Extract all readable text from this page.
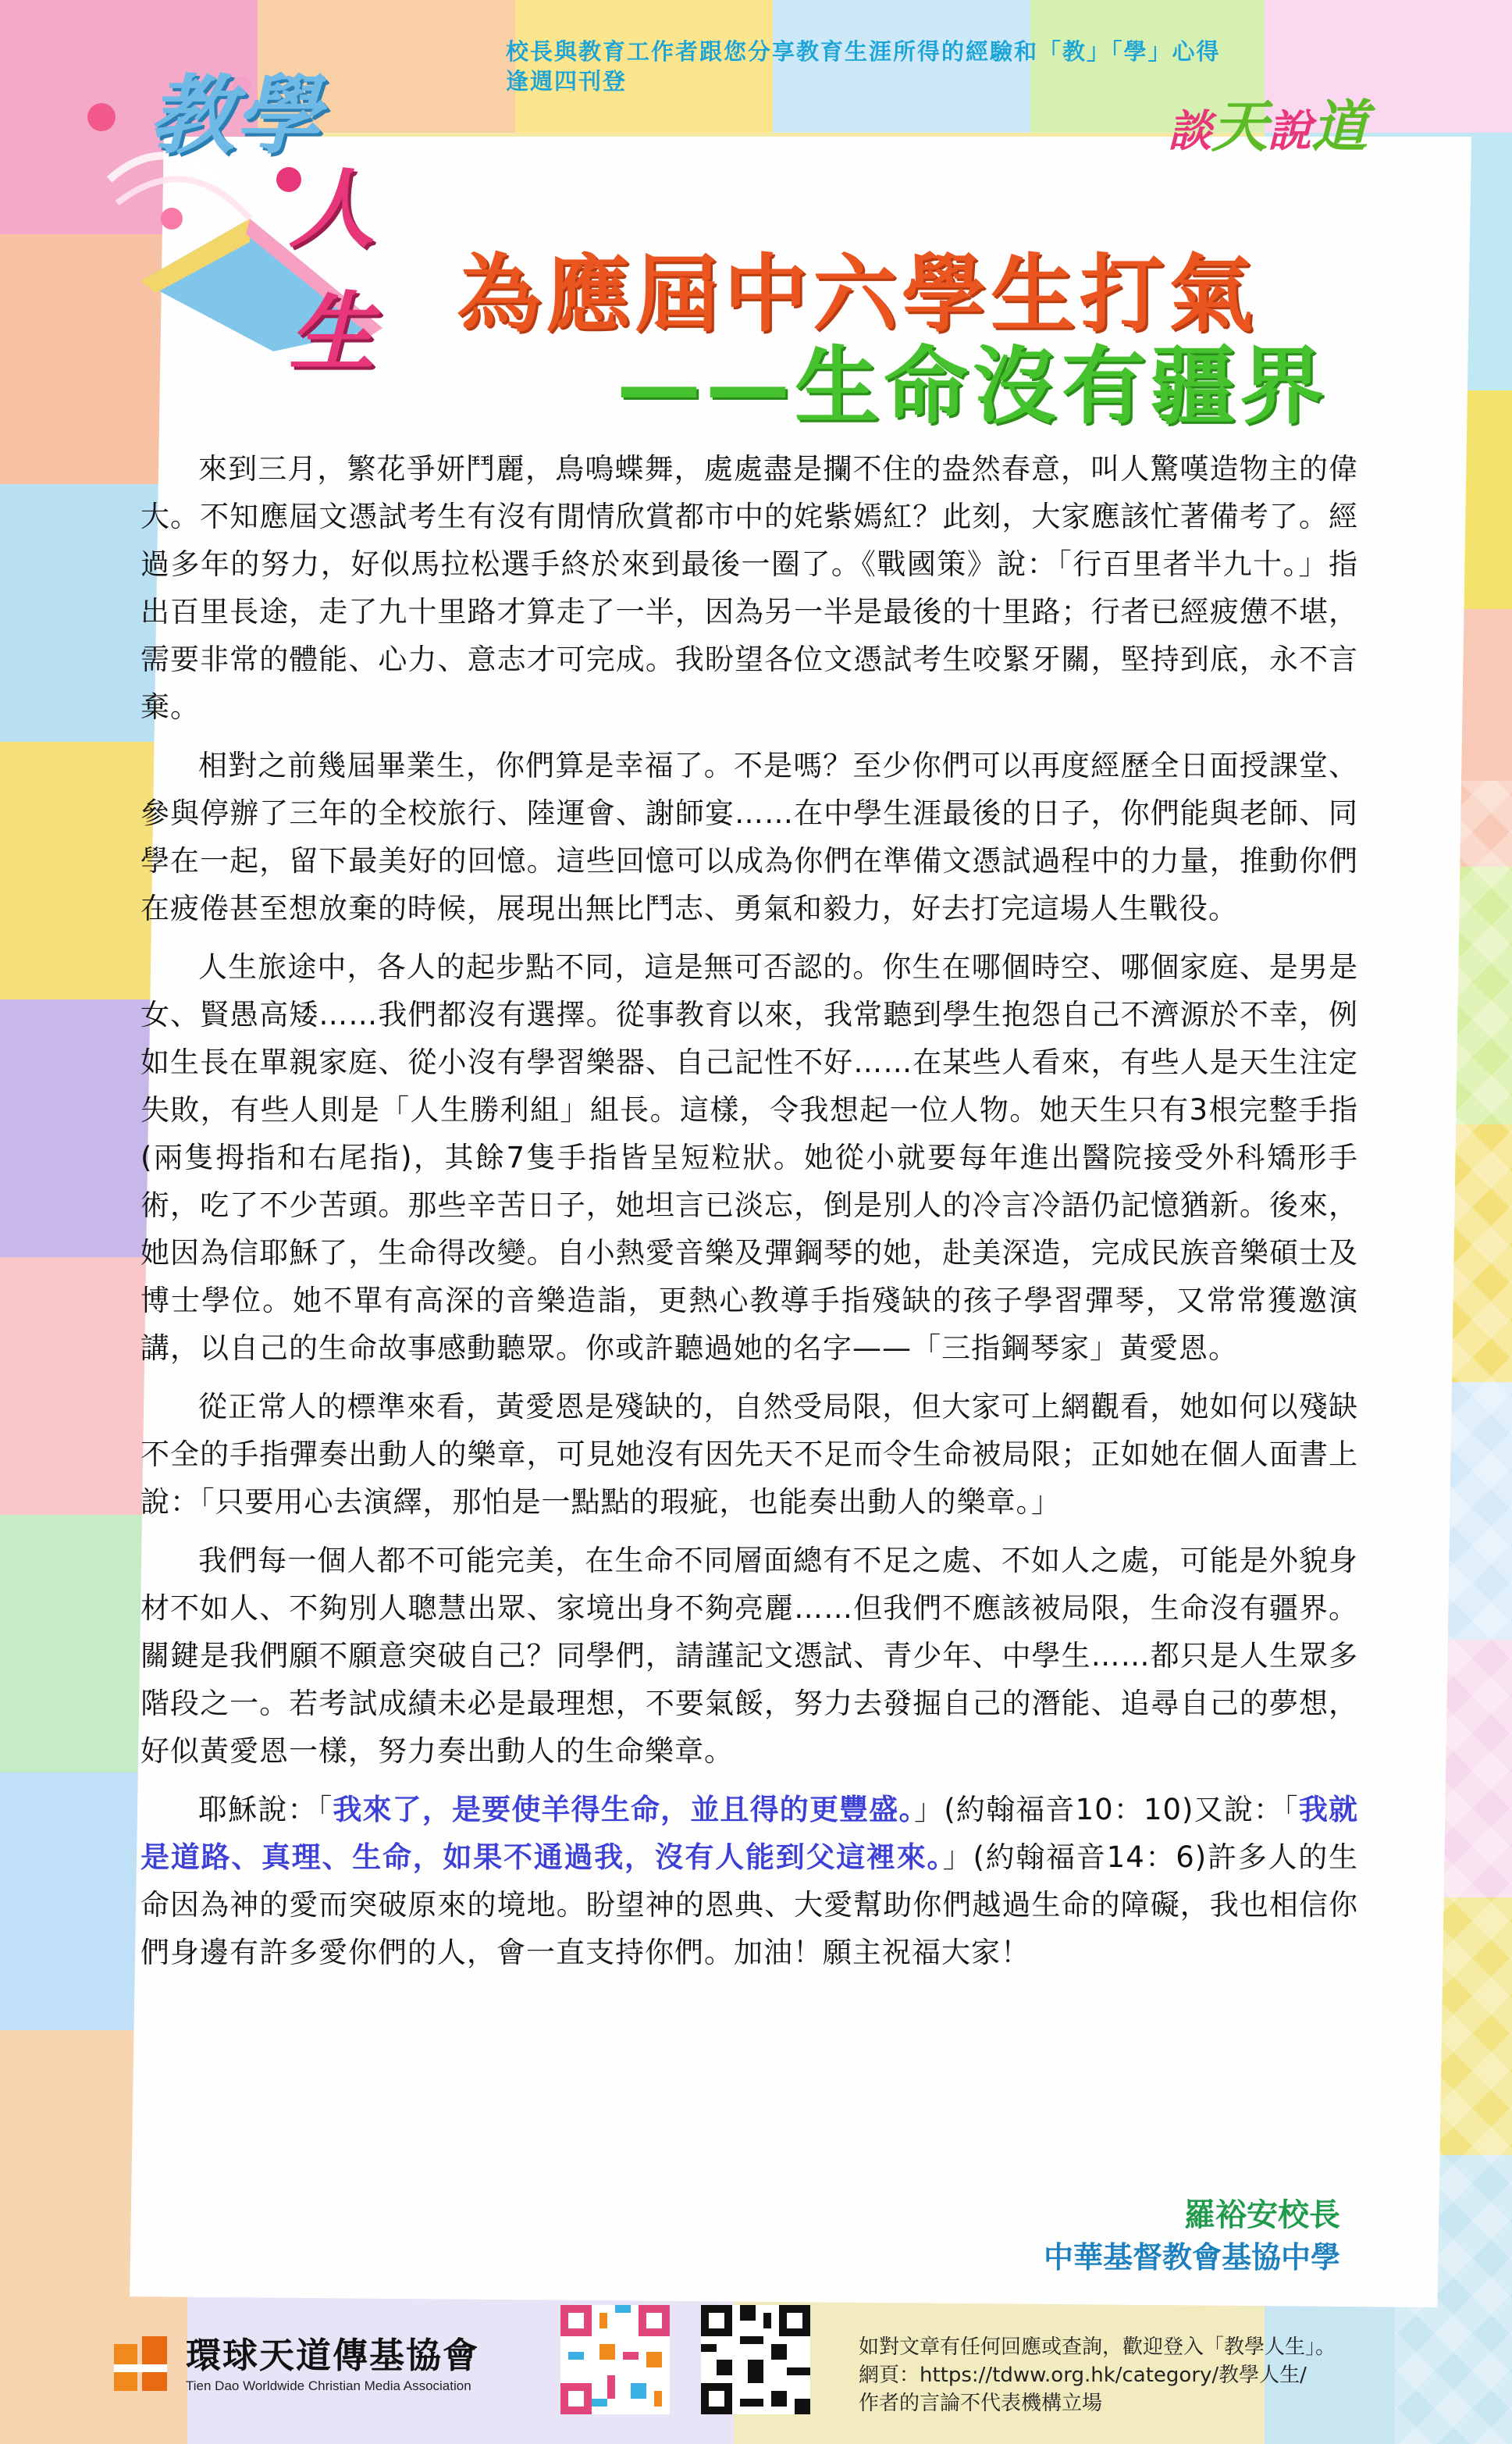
校長與教育工作者跟您分享教育生涯所得的經驗和「教」「學」心得
逢週四刊登
談天說道
教學
人生 為應屆中六學生打氣
——生命沒有疆界

來到三月，繁花爭妍鬥麗，鳥鳴蝶舞，處處盡是攔不住的盎然春意，叫人驚嘆造物主的偉大。不知應屆文憑試考生有沒有閒情欣賞都市中的姹紫嫣紅？此刻，大家應該忙著備考了。經過多年的努力，好似馬拉松選手終於來到最後一圈了。《戰國策》說：「行百里者半九十。」指出百里長途，走了九十里路才算走了一半，因為另一半是最後的十里路；行者已經疲憊不堪，需要非常的體能、心力、意志才可完成。我盼望各位文憑試考生咬緊牙關，堅持到底，永不言棄。

相對之前幾屆畢業生，你們算是幸福了。不是嗎？至少你們可以再度經歷全日面授課堂、參與停辦了三年的全校旅行、陸運會、謝師宴……在中學生涯最後的日子，你們能與老師、同學在一起，留下最美好的回憶。這些回憶可以成為你們在準備文憑試過程中的力量，推動你們在疲倦甚至想放棄的時候，展現出無比鬥志、勇氣和毅力，好去打完這場人生戰役。

人生旅途中，各人的起步點不同，這是無可否認的。你生在哪個時空、哪個家庭、是男是女、賢愚高矮……我們都沒有選擇。從事教育以來，我常聽到學生抱怨自己不濟源於不幸，例如生長在單親家庭、從小沒有學習樂器、自己記性不好……在某些人看來，有些人是天生注定失敗，有些人則是「人生勝利組」組長。這樣，令我想起一位人物。她天生只有3根完整手指(兩隻拇指和右尾指)，其餘7隻手指皆呈短粒狀。她從小就要每年進出醫院接受外科矯形手術，吃了不少苦頭。那些辛苦日子，她坦言已淡忘，倒是別人的冷言冷語仍記憶猶新。後來，她因為信耶穌了，生命得改變。自小熱愛音樂及彈鋼琴的她，赴美深造，完成民族音樂碩士及博士學位。她不單有高深的音樂造詣，更熱心教導手指殘缺的孩子學習彈琴，又常常獲邀演講，以自己的生命故事感動聽眾。你或許聽過她的名字——「三指鋼琴家」黃愛恩。

從正常人的標準來看，黃愛恩是殘缺的，自然受局限，但大家可上網觀看，她如何以殘缺不全的手指彈奏出動人的樂章，可見她沒有因先天不足而令生命被局限；正如她在個人面書上說：「只要用心去演繹，那怕是一點點的瑕疵，也能奏出動人的樂章。」

我們每一個人都不可能完美，在生命不同層面總有不足之處、不如人之處，可能是外貌身材不如人、不夠別人聰慧出眾、家境出身不夠亮麗……但我們不應該被局限，生命沒有疆界。關鍵是我們願不願意突破自己？同學們，請謹記文憑試、青少年、中學生……都只是人生眾多階段之一。若考試成績未必是最理想，不要氣餒，努力去發掘自己的潛能、追尋自己的夢想，好似黃愛恩一樣，努力奏出動人的生命樂章。

耶穌說：「我來了，是要使羊得生命，並且得的更豐盛。」(約翰福音10：10)又說：「我就是道路、真理、生命，如果不通過我，沒有人能到父這裡來。」(約翰福音14：6)許多人的生命因為神的愛而突破原來的境地。盼望神的恩典、大愛幫助你們越過生命的障礙，我也相信你們身邊有許多愛你們的人，會一直支持你們。加油！願主祝福大家！

羅裕安校長
中華基督教會基協中學
環球天道傳基協會
Tien Dao Worldwide Christian Media Association
如對文章有任何回應或查詢，歡迎登入「教學人生」。
網頁：https://tdww.org.hk/category/教學人生/
作者的言論不代表機構立場
